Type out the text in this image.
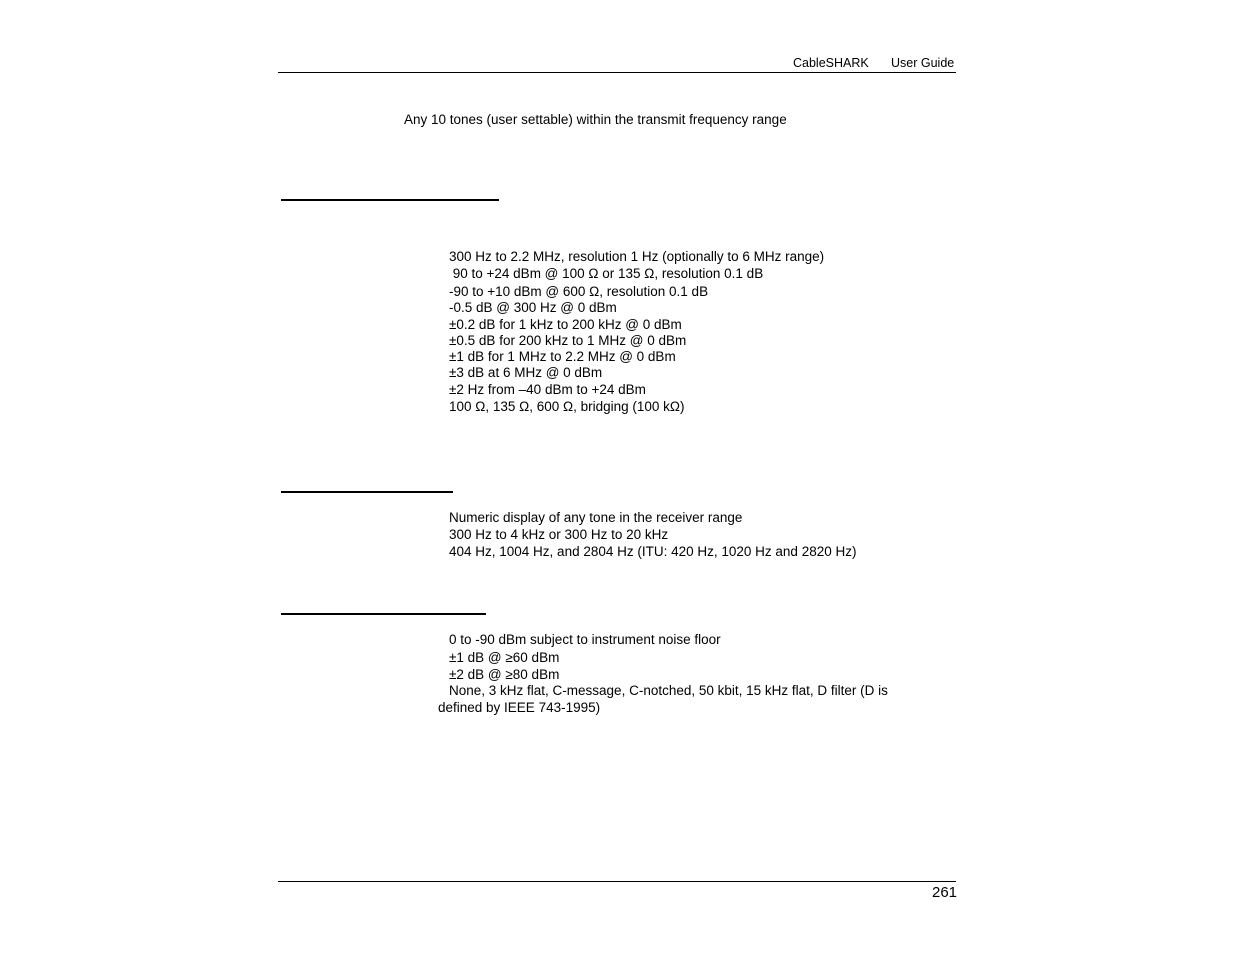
CableSHARK User Guide
Any 10 tones (user settable) within the transmit frequency range
300 Hz to 2.2 MHz, resolution 1 Hz (optionally to 6 MHz range)
90 to +24 dBm @ 100 Ω or 135 Ω, resolution 0.1 dB
-90 to +10 dBm @ 600 Ω, resolution 0.1 dB
-0.5 dB @ 300 Hz @ 0 dBm
±0.2 dB for 1 kHz to 200 kHz @ 0 dBm
±0.5 dB for 200 kHz to 1 MHz @ 0 dBm
±1 dB for 1 MHz to 2.2 MHz @ 0 dBm
±3 dB at 6 MHz @ 0 dBm
±2 Hz from –40 dBm to +24 dBm
100 Ω, 135 Ω, 600 Ω, bridging (100 kΩ)
Numeric display of any tone in the receiver range
300 Hz to 4 kHz or 300 Hz to 20 kHz
404 Hz, 1004 Hz, and 2804 Hz (ITU: 420 Hz, 1020 Hz and 2820 Hz)
0 to -90 dBm subject to instrument noise floor
±1 dB @ ≥60 dBm
±2 dB @ ≥80 dBm
None, 3 kHz flat, C-message, C-notched, 50 kbit, 15 kHz flat, D filter (D is
defined by IEEE 743-1995)
261
